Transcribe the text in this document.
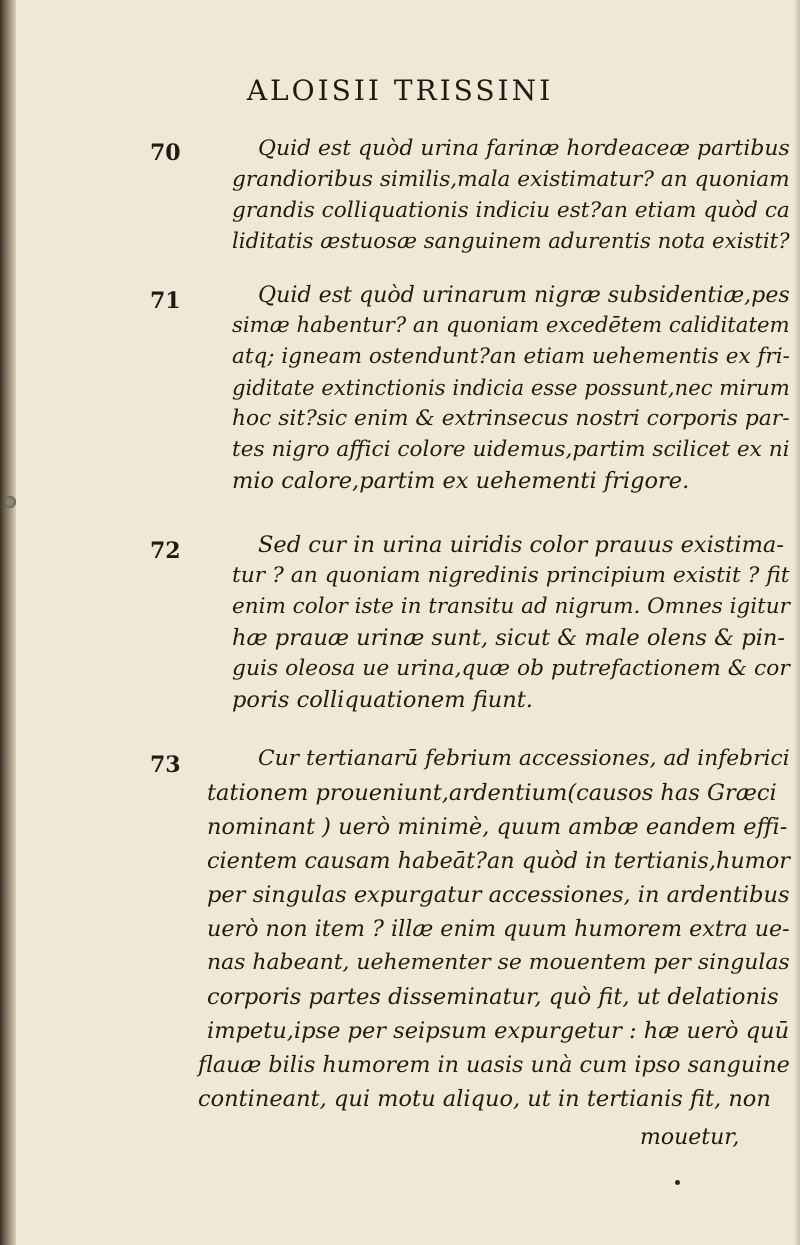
ALOISII TRISSINI
70	Quid est quòd urina farinæ hordeaceæ partibus
grandioribus similis,mala existimatur? an quoniam
grandis colliquationis indiciu est?an etiam quòd ca
liditatis æstuosæ sanguinem adurentis nota existit?
71	Quid est quòd urinarum nigræ subsidentiæ,pes
simæ habentur? an quoniam excedētem caliditatem
atq; igneam ostendunt?an etiam uehementis ex fri-
giditate extinctionis indicia esse possunt,nec mirum
hoc sit?sic enim & extrinsecus nostri corporis par-
tes nigro affici colore uidemus,partim scilicet ex ni
mio calore,partim ex uehementi frigore.
72	Sed cur in urina uiridis color prauus existima-
tur ? an quoniam nigredinis principium existit ? fit
enim color iste in transitu ad nigrum. Omnes igitur
hæ prauæ urinæ sunt, sicut & male olens & pin-
guis oleosa ue urina,quæ ob putrefactionem & cor
poris colliquationem fiunt.
73	Cur tertianarū febrium accessiones, ad infebrici
tationem proueniunt,ardentium(causos has Græci
nominant ) uerò minimè, quum ambæ eandem effi-
cientem causam habeāt?an quòd in tertianis,humor
per singulas expurgatur accessiones, in ardentibus
uerò non item ? illæ enim quum humorem extra ue-
nas habeant, uehementer se mouentem per singulas
corporis partes disseminatur, quò fit, ut delationis
impetu,ipse per seipsum expurgetur : hæ uerò quū
flauæ bilis humorem in uasis unà cum ipso sanguine
contineant, qui motu aliquo, ut in tertianis fit, non
mouetur,
